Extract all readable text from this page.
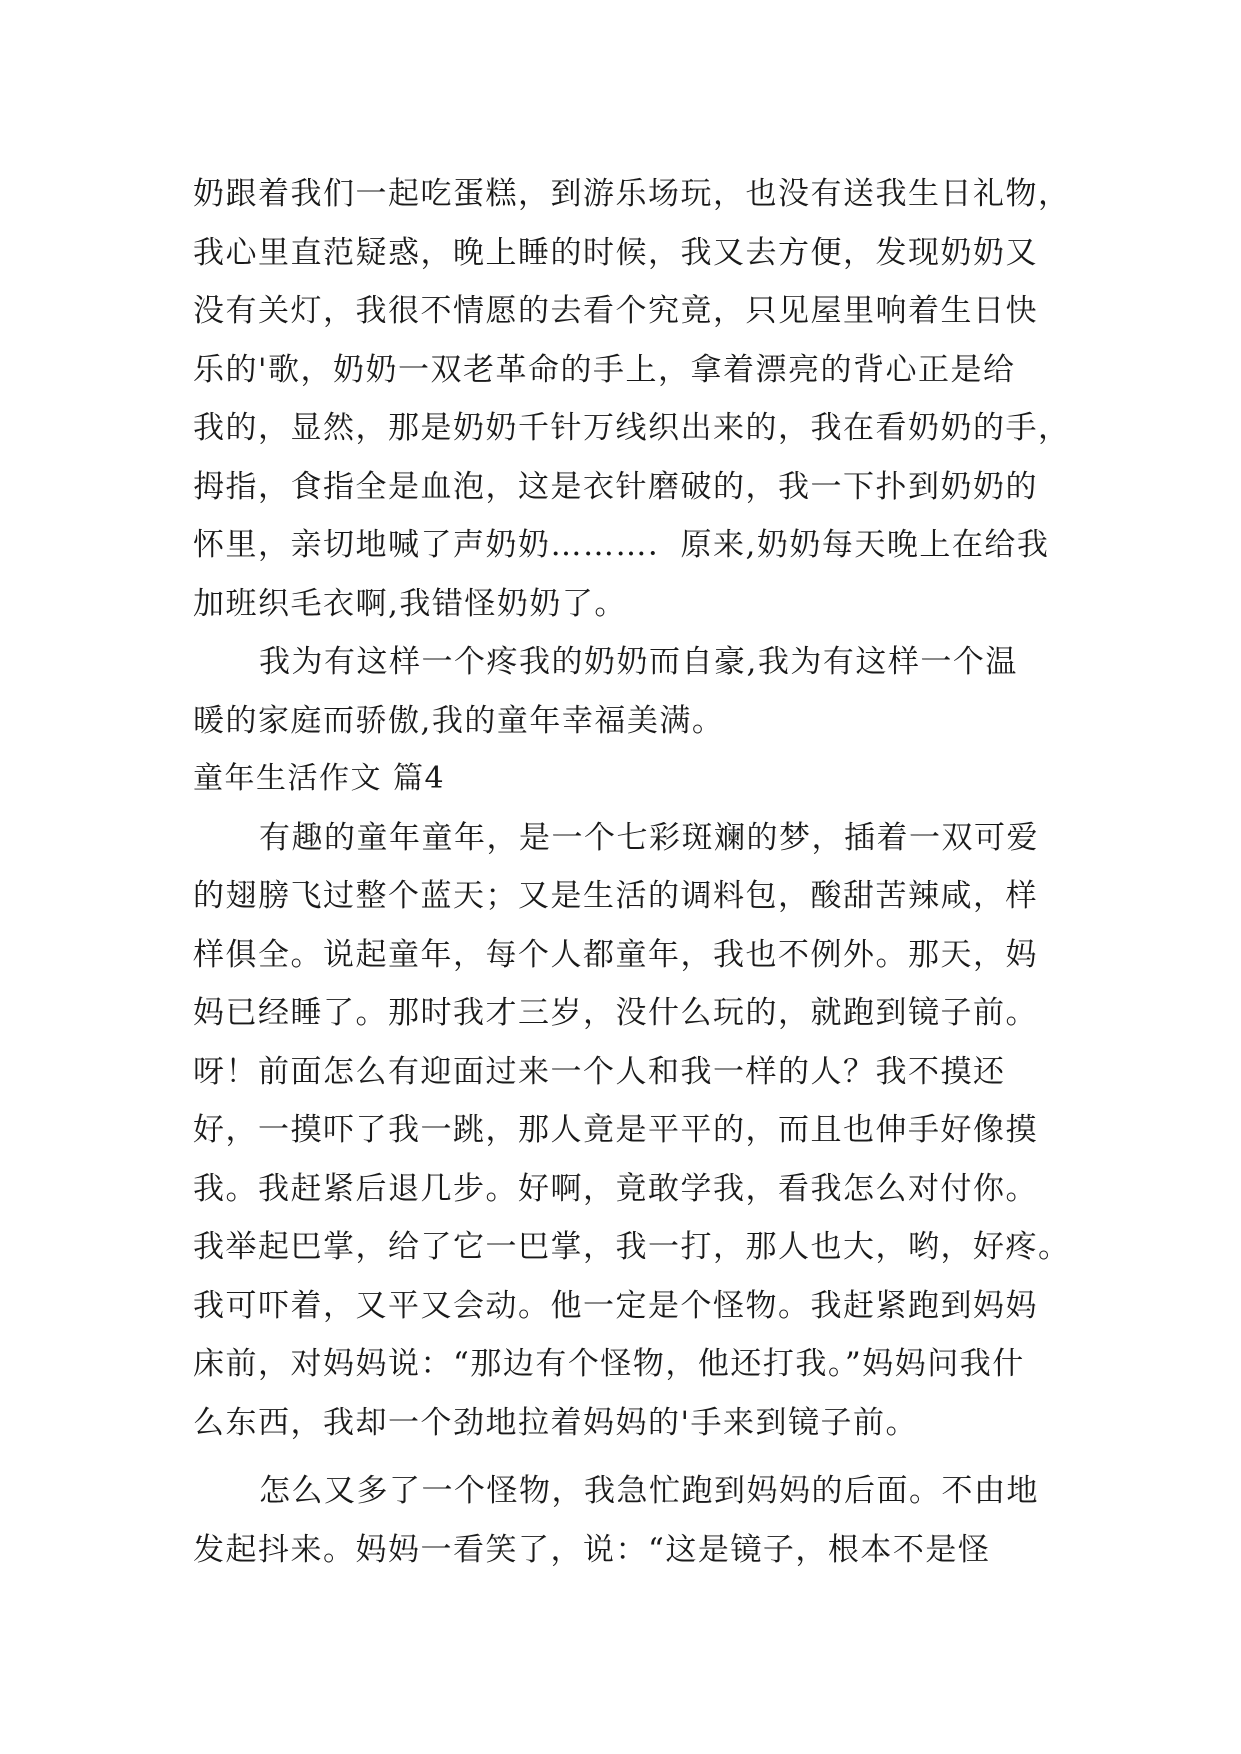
奶跟着我们一起吃蛋糕，到游乐场玩，也没有送我生日礼物，
我心里直范疑惑，晚上睡的时候，我又去方便，发现奶奶又
没有关灯，我很不情愿的去看个究竟，只见屋里响着生日快
乐的'歌，奶奶一双老革命的手上，拿着漂亮的背心正是给
我的，显然，那是奶奶千针万线织出来的，我在看奶奶的手，
拇指，食指全是血泡，这是衣针磨破的，我一下扑到奶奶的
怀里，亲切地喊了声奶奶………．原来,奶奶每天晚上在给我
加班织毛衣啊,我错怪奶奶了。
我为有这样一个疼我的奶奶而自豪,我为有这样一个温
暖的家庭而骄傲,我的童年幸福美满。
童年生活作文 篇4
有趣的童年童年，是一个七彩斑斓的梦，插着一双可爱
的翅膀飞过整个蓝天；又是生活的调料包，酸甜苦辣咸，样
样俱全。说起童年，每个人都童年，我也不例外。那天，妈
妈已经睡了。那时我才三岁，没什么玩的，就跑到镜子前。
呀！前面怎么有迎面过来一个人和我一样的人？我不摸还
好，一摸吓了我一跳，那人竟是平平的，而且也伸手好像摸
我。我赶紧后退几步。好啊，竟敢学我，看我怎么对付你。
我举起巴掌，给了它一巴掌，我一打，那人也大，哟，好疼。
我可吓着，又平又会动。他一定是个怪物。我赶紧跑到妈妈
床前，对妈妈说：“那边有个怪物，他还打我。”妈妈问我什
么东西，我却一个劲地拉着妈妈的'手来到镜子前。
怎么又多了一个怪物，我急忙跑到妈妈的后面。不由地
发起抖来。妈妈一看笑了，说：“这是镜子，根本不是怪
